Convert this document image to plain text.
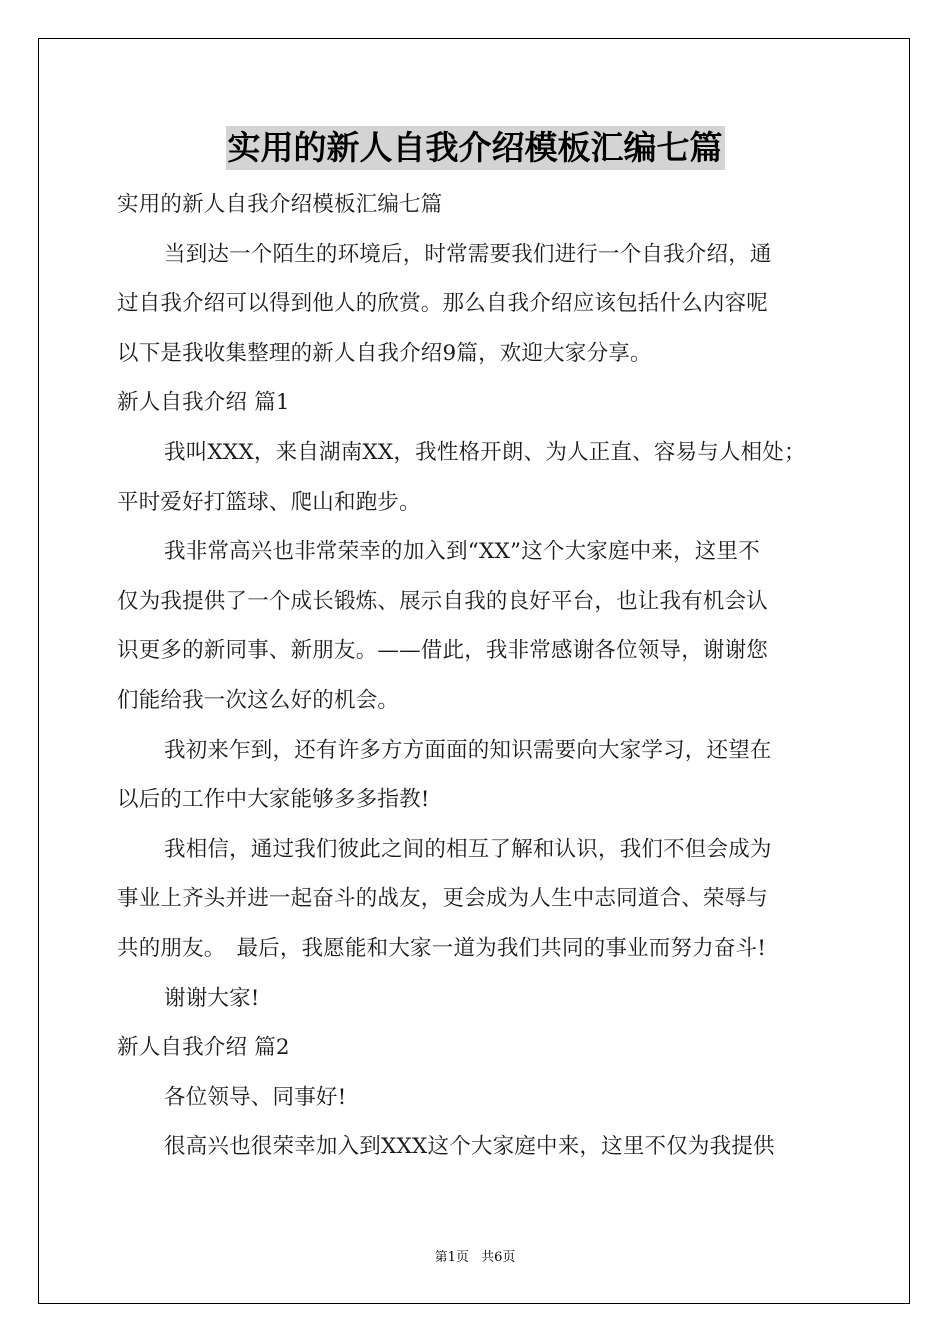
实用的新人自我介绍模板汇编七篇
实用的新人自我介绍模板汇编七篇
当到达一个陌生的环境后，时常需要我们进行一个自我介绍，通
过自我介绍可以得到他人的欣赏。那么自我介绍应该包括什么内容呢
以下是我收集整理的新人自我介绍9篇，欢迎大家分享。
新人自我介绍 篇1
我叫XXX，来自湖南XX，我性格开朗、为人正直、容易与人相处；
平时爱好打篮球、爬山和跑步。
我非常高兴也非常荣幸的加入到“XX”这个大家庭中来，这里不
仅为我提供了一个成长锻炼、展示自我的良好平台，也让我有机会认
识更多的新同事、新朋友。——借此，我非常感谢各位领导，谢谢您
们能给我一次这么好的机会。
我初来乍到，还有许多方方面面的知识需要向大家学习，还望在
以后的工作中大家能够多多指教!
我相信，通过我们彼此之间的相互了解和认识，我们不但会成为
事业上齐头并进一起奋斗的战友，更会成为人生中志同道合、荣辱与
共的朋友。　最后，我愿能和大家一道为我们共同的事业而努力奋斗!
谢谢大家!
新人自我介绍 篇2
各位领导、同事好!
很高兴也很荣幸加入到XXX这个大家庭中来，这里不仅为我提供
第1页 共6页
